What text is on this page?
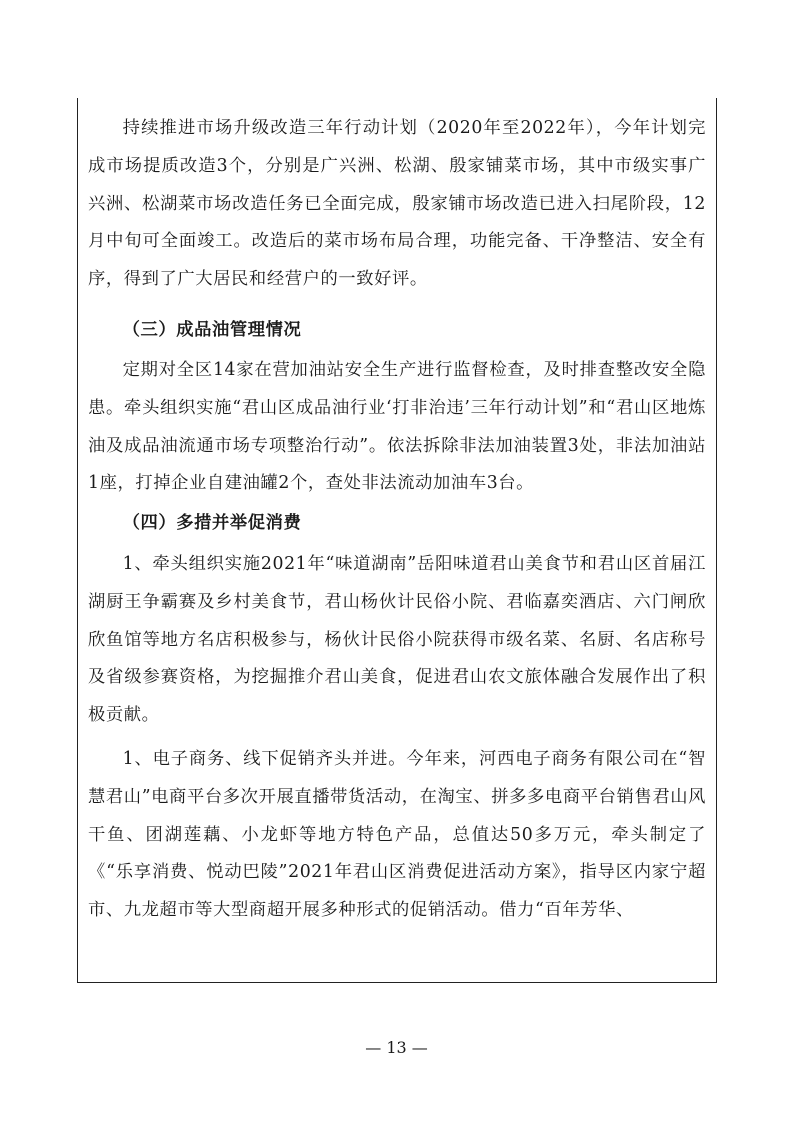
持续推进市场升级改造三年行动计划（2020年至2022年），今年计划完成市场提质改造3个，分别是广兴洲、松湖、殷家铺菜市场，其中市级实事广兴洲、松湖菜市场改造任务已全面完成，殷家铺市场改造已进入扫尾阶段，12月中旬可全面竣工。改造后的菜市场布局合理，功能完备、干净整洁、安全有序，得到了广大居民和经营户的一致好评。

（三）成品油管理情况

定期对全区14家在营加油站安全生产进行监督检查，及时排查整改安全隐患。牵头组织实施“君山区成品油行业‘打非治违’三年行动计划”和“君山区地炼油及成品油流通市场专项整治行动”。依法拆除非法加油装置3处，非法加油站1座，打掉企业自建油罐2个，查处非法流动加油车3台。

（四）多措并举促消费

1、牵头组织实施2021年“味道湖南”岳阳味道君山美食节和君山区首届江湖厨王争霸赛及乡村美食节，君山杨伙计民俗小院、君临嘉奕酒店、六门闸欣欣鱼馆等地方名店积极参与，杨伙计民俗小院获得市级名菜、名厨、名店称号及省级参赛资格，为挖掘推介君山美食，促进君山农文旅体融合发展作出了积极贡献。

1、电子商务、线下促销齐头并进。今年来，河西电子商务有限公司在“智慧君山”电商平台多次开展直播带货活动，在淘宝、拼多多电商平台销售君山风干鱼、团湖莲藕、小龙虾等地方特色产品，总值达50多万元，牵头制定了《“乐享消费、悦动巴陵”2021年君山区消费促进活动方案》，指导区内家宁超市、九龙超市等大型商超开展多种形式的促销活动。借力“百年芳华、

— 13 —
